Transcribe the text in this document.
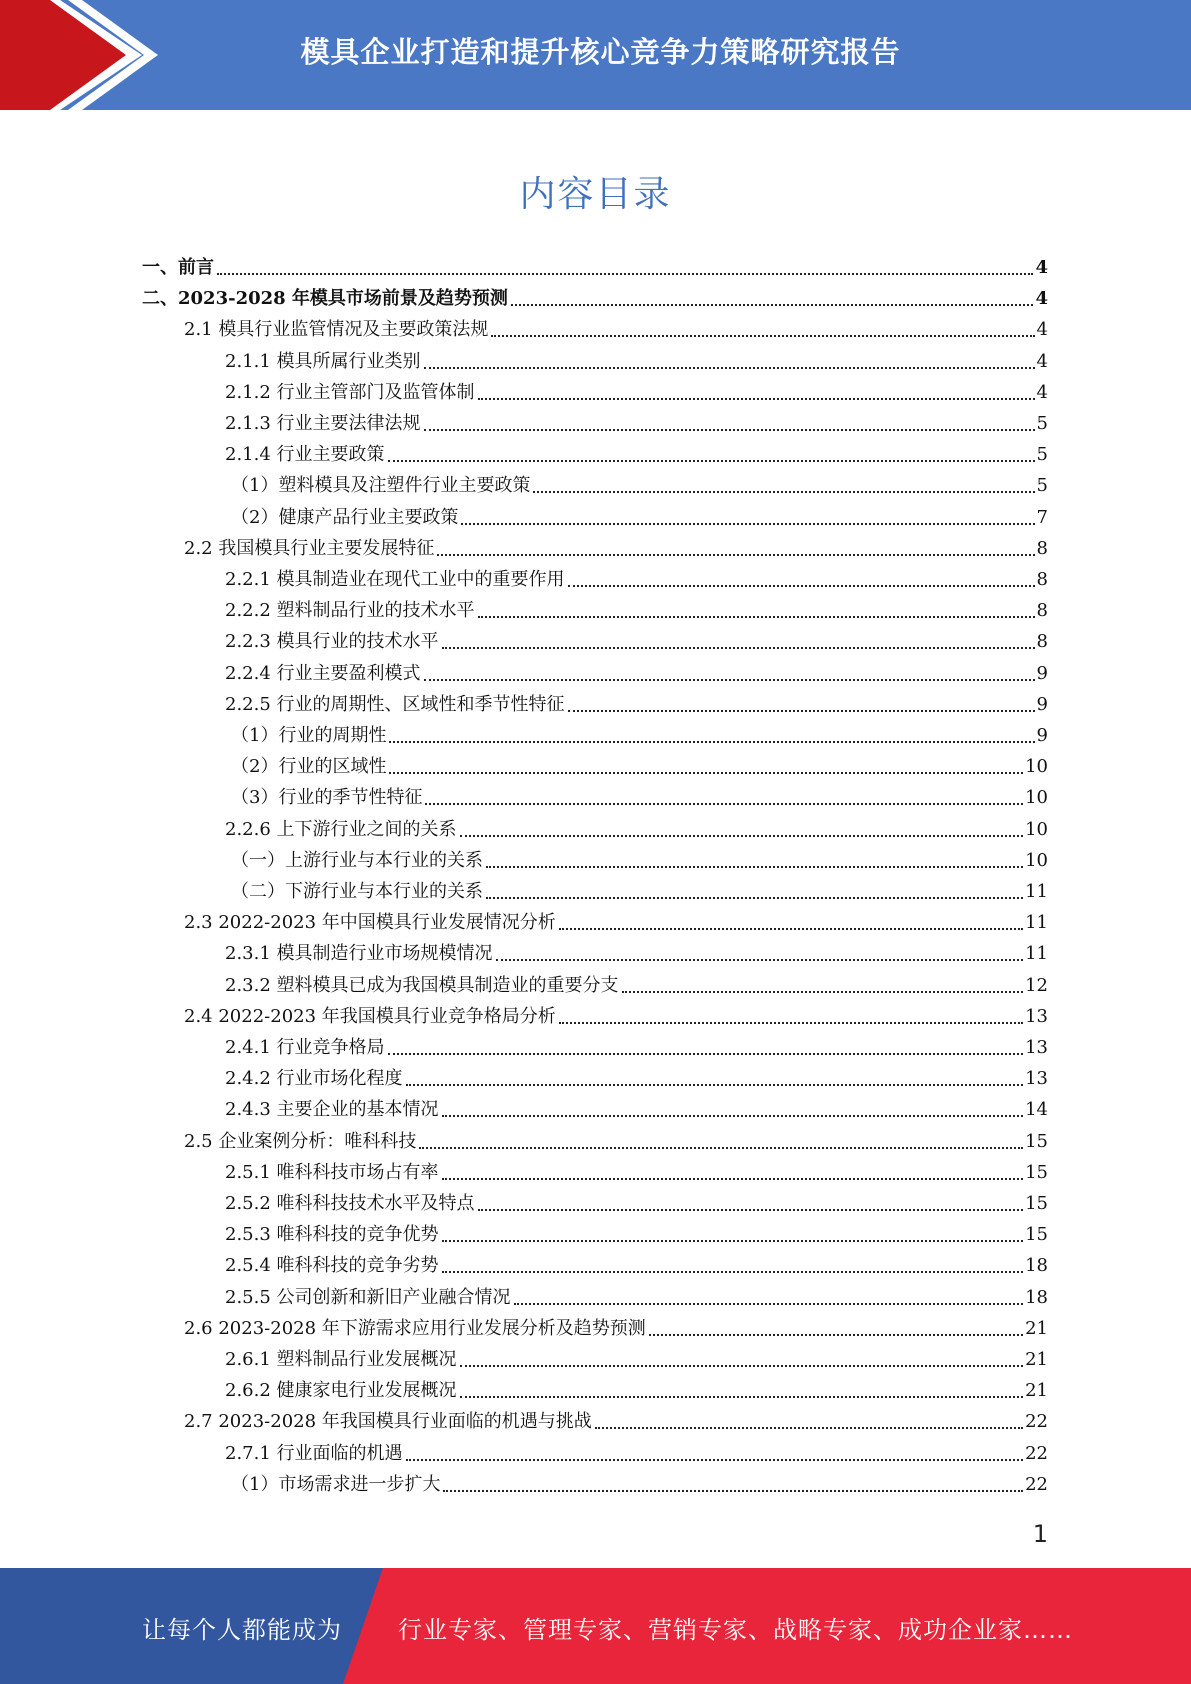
模具企业打造和提升核心竞争力策略研究报告
内容目录
一、前言	4
二、2023-2028 年模具市场前景及趋势预测	4
2.1 模具行业监管情况及主要政策法规	4
2.1.1 模具所属行业类别	4
2.1.2 行业主管部门及监管体制	4
2.1.3 行业主要法律法规	5
2.1.4 行业主要政策	5
（1）塑料模具及注塑件行业主要政策	5
（2）健康产品行业主要政策	7
2.2 我国模具行业主要发展特征	8
2.2.1 模具制造业在现代工业中的重要作用	8
2.2.2 塑料制品行业的技术水平	8
2.2.3 模具行业的技术水平	8
2.2.4 行业主要盈利模式	9
2.2.5 行业的周期性、区域性和季节性特征	9
（1）行业的周期性	9
（2）行业的区域性	10
（3）行业的季节性特征	10
2.2.6 上下游行业之间的关系	10
（一）上游行业与本行业的关系	10
（二）下游行业与本行业的关系	11
2.3 2022-2023 年中国模具行业发展情况分析	11
2.3.1 模具制造行业市场规模情况	11
2.3.2 塑料模具已成为我国模具制造业的重要分支	12
2.4 2022-2023 年我国模具行业竞争格局分析	13
2.4.1 行业竞争格局	13
2.4.2 行业市场化程度	13
2.4.3 主要企业的基本情况	14
2.5 企业案例分析：唯科科技	15
2.5.1 唯科科技市场占有率	15
2.5.2 唯科科技技术水平及特点	15
2.5.3 唯科科技的竞争优势	15
2.5.4 唯科科技的竞争劣势	18
2.5.5 公司创新和新旧产业融合情况	18
2.6 2023-2028 年下游需求应用行业发展分析及趋势预测	21
2.6.1 塑料制品行业发展概况	21
2.6.2 健康家电行业发展概况	21
2.7 2023-2028 年我国模具行业面临的机遇与挑战	22
2.7.1 行业面临的机遇	22
（1）市场需求进一步扩大	22
1
让每个人都能成为 行业专家、管理专家、营销专家、战略专家、成功企业家……
